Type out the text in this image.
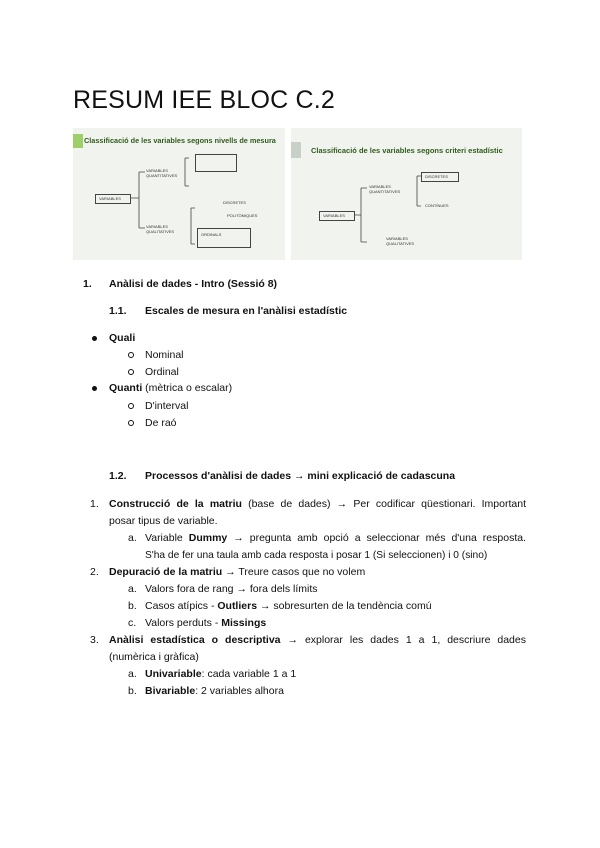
RESUM IEE BLOC C.2
Classificació de les variables segons nivells de mesura
VARIABLES
VARIABLES QUANTITATIVES
VARIABLES QUALITATIVES
DISCRETES
POLITÒMIQUES
ORDINALS
Classificació de les variables segons criteri estadístic
VARIABLES
VARIABLES QUANTITATIVES
VARIABLES QUALITATIVES
DISCRETES
CONTÍNUES
1. Anàlisi de dades - Intro (Sessió 8)
1.1. Escales de mesura en l'anàlisi estadístic
Quali
Nominal
Ordinal
Quanti (mètrica o escalar)
D'interval
De raó
1.2. Processos d'anàlisi de dades → mini explicació de cadascuna
1. Construcció de la matriu (base de dades) → Per codificar qüestionari. Important
posar tipus de variable.
a. Variable Dummy → pregunta amb opció a seleccionar més d'una resposta.
S'ha de fer una taula amb cada resposta i posar 1 (Si seleccionen) i 0 (sino)
2. Depuració de la matriu → Treure casos que no volem
a. Valors fora de rang → fora dels límits
b. Casos atípics - Outliers → sobresurten de la tendència comú
c. Valors perduts - Missings
3. Anàlisi estadística o descriptiva → explorar les dades 1 a 1, descriure dades
(numèrica i gràfica)
a. Univariable: cada variable 1 a 1
b. Bivariable: 2 variables alhora
